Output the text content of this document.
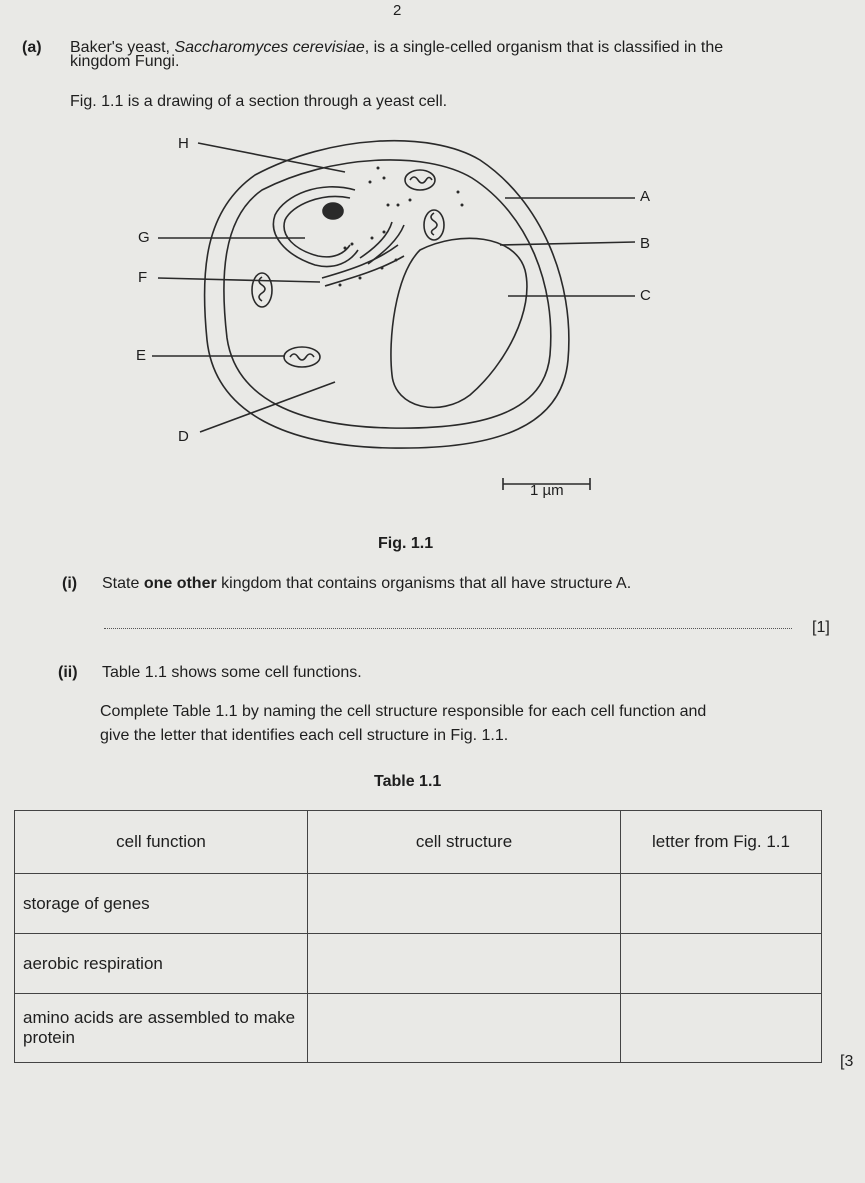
2
(a) Baker's yeast, Saccharomyces cerevisiae, is a single-celled organism that is classified in the
kingdom Fungi.
Fig. 1.1 is a drawing of a section through a yeast cell.
H
A
G	B
F
C
E
D
1 µm
Fig. 1.1
(i) State one other kingdom that contains organisms that all have structure A.
[1]
(ii) Table 1.1 shows some cell functions.
Complete Table 1.1 by naming the cell structure responsible for each cell function and
give the letter that identifies each cell structure in Fig. 1.1.
Table 1.1
cell function	cell structure	letter from Fig. 1.1
storage of genes		
aerobic respiration		
amino acids are assembled to make protein		
[3
